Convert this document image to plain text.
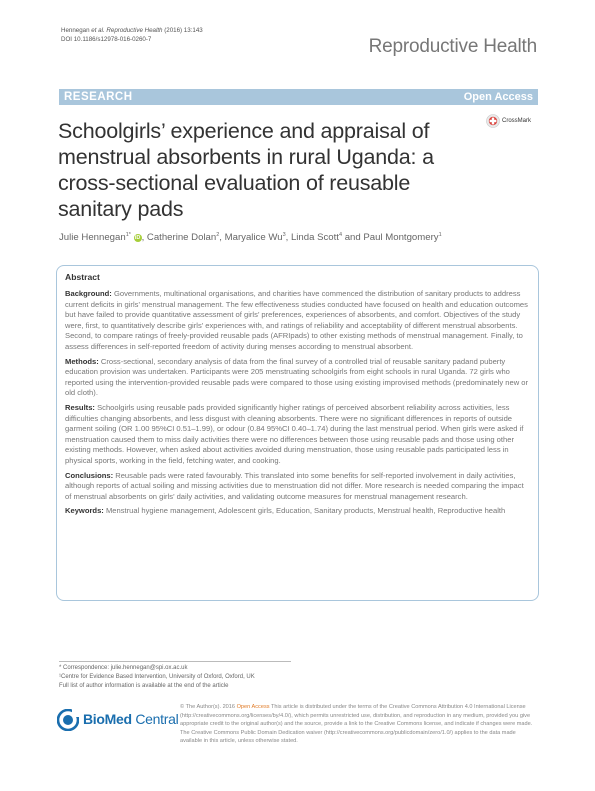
Hennegan et al. Reproductive Health (2016) 13:143
DOI 10.1186/s12978-016-0260-7	Reproductive Health
RESEARCH	Open Access
Schoolgirls’ experience and appraisal of menstrual absorbents in rural Uganda: a cross-sectional evaluation of reusable sanitary pads
CrossMark
Julie Hennegan$^{1*}$ iD, Catherine Dolan$^2$, Maryalice Wu$^3$, Linda Scott$^4$ and Paul Montgomery$^1$
Abstract

Background: Governments, multinational organisations, and charities have commenced the distribution of sanitary products to address current deficits in girls’ menstrual management. The few effectiveness studies conducted have focused on health and education outcomes but have failed to provide quantitative assessment of girls’ preferences, experiences of absorbents, and comfort. Objectives of the study were, first, to quantitatively describe girls’ experiences with, and ratings of reliability and acceptability of different menstrual absorbents. Second, to compare ratings of freely-provided reusable pads (AFRIpads) to other existing methods of menstrual management. Finally, to assess differences in self-reported freedom of activity during menses according to menstrual absorbent.

Methods: Cross-sectional, secondary analysis of data from the final survey of a controlled trial of reusable sanitary padand puberty education provision was undertaken. Participants were 205 menstruating schoolgirls from eight schools in rural Uganda. 72 girls who reported using the intervention-provided reusable pads were compared to those using existing improvised methods (predominately new or old cloth).

Results: Schoolgirls using reusable pads provided significantly higher ratings of perceived absorbent reliability across activities, less difficulties changing absorbents, and less disgust with cleaning absorbents. There were no significant differences in reports of outside garment soiling (OR 1.00 95%CI 0.51–1.99), or odour (0.84 95%CI 0.40–1.74) during the last menstrual period. When girls were asked if menstruation caused them to miss daily activities there were no differences between those using reusable pads and those using other existing methods. However, when asked about activities avoided during menstruation, those using reusable pads participated less in physical sports, working in the field, fetching water, and cooking.

Conclusions: Reusable pads were rated favourably. This translated into some benefits for self-reported involvement in daily activities, although reports of actual soiling and missing activities due to menstruation did not differ. More research is needed comparing the impact of menstrual absorbents on girls’ daily activities, and validating outcome measures for menstrual management research.

Keywords: Menstrual hygiene management, Adolescent girls, Education, Sanitary products, Menstrual health, Reproductive health

* Correspondence: julie.hennegan@spi.ox.ac.uk
¹Centre for Evidence Based Intervention, University of Oxford, Oxford, UK
Full list of author information is available at the end of the article
BioMed Central
© The Author(s). 2016 Open Access This article is distributed under the terms of the Creative Commons Attribution 4.0 International License (http://creativecommons.org/licenses/by/4.0/), which permits unrestricted use, distribution, and reproduction in any medium, provided you give appropriate credit to the original author(s) and the source, provide a link to the Creative Commons license, and indicate if changes were made. The Creative Commons Public Domain Dedication waiver (http://creativecommons.org/publicdomain/zero/1.0/) applies to the data made available in this article, unless otherwise stated.
